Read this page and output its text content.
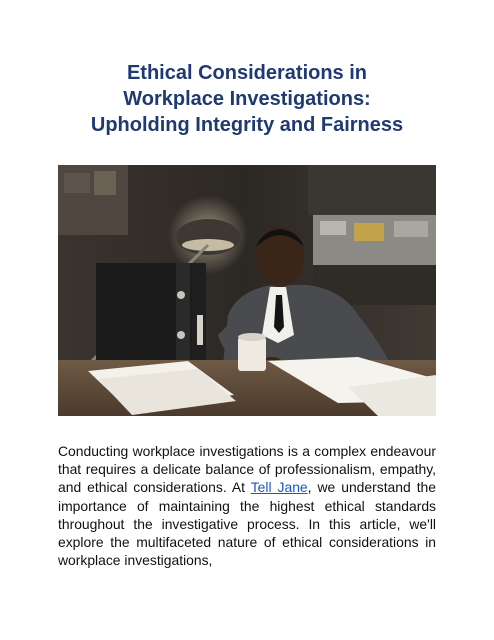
Ethical Considerations in
Workplace Investigations:
Upholding Integrity and Fairness

Conducting workplace investigations is a complex endeavour that requires a delicate balance of professionalism, empathy, and ethical considerations. At Tell Jane, we understand the importance of maintaining the highest ethical standards throughout the investigative process. In this article, we'll explore the multifaceted nature of ethical considerations in workplace investigations,
